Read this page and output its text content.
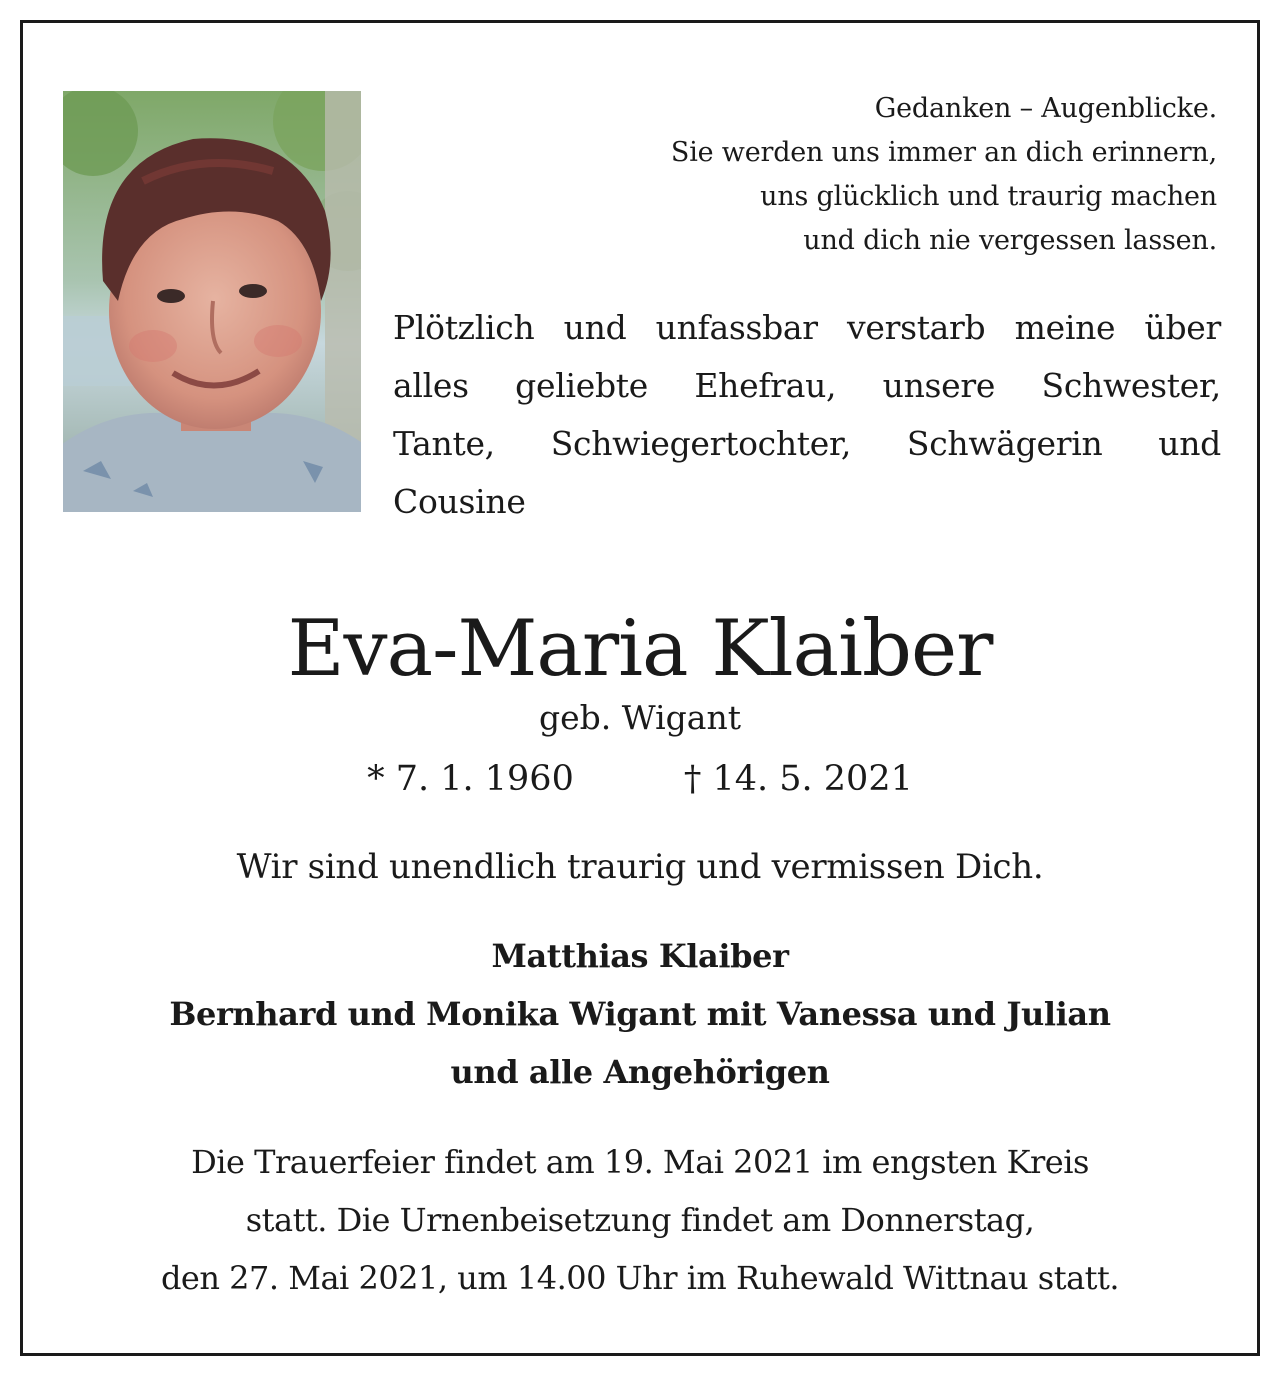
Gedanken – Augenblicke.
Sie werden uns immer an dich erinnern,
uns glücklich und traurig machen
und dich nie vergessen lassen.
Plötzlich und unfassbar verstarb meine über
alles geliebte Ehefrau, unsere Schwester,
Tante, Schwiegertochter, Schwägerin und
Cousine
Eva-Maria Klaiber
geb. Wigant
* 7. 1. 1960	† 14. 5. 2021
Wir sind unendlich traurig und vermissen Dich.
Matthias Klaiber
Bernhard und Monika Wigant mit Vanessa und Julian
und alle Angehörigen
Die Trauerfeier findet am 19. Mai 2021 im engsten Kreis
statt. Die Urnenbeisetzung findet am Donnerstag,
den 27. Mai 2021, um 14.00 Uhr im Ruhewald Wittnau statt.
